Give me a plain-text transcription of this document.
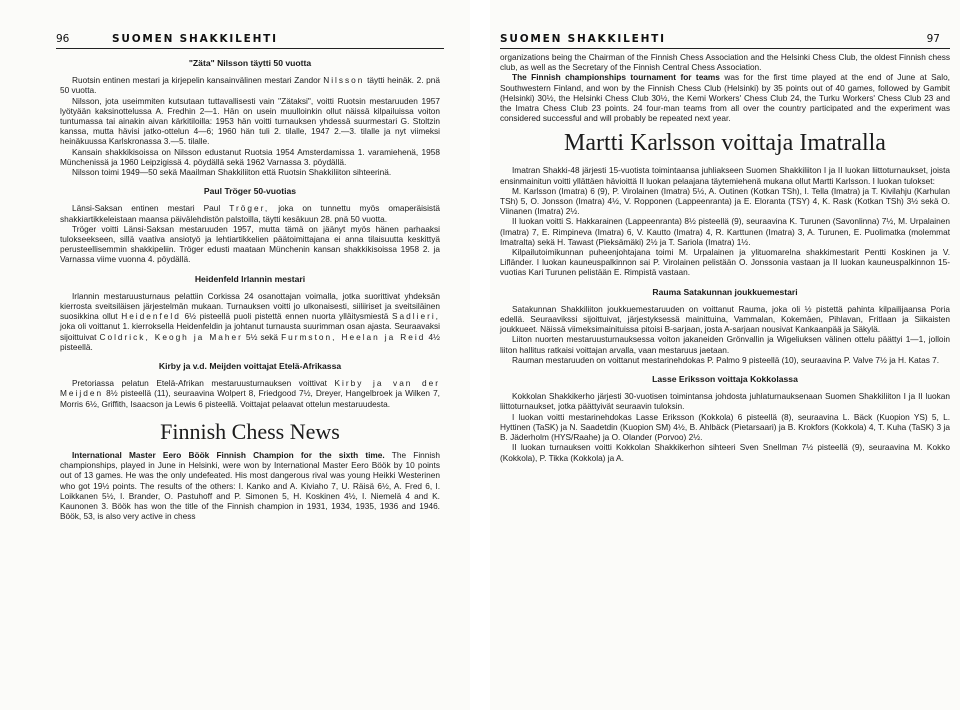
96	SUOMEN SHAKKILEHTI
"Zäta" Nilsson täytti 50 vuotta

Ruotsin entinen mestari ja kirjepelin kansainvälinen mestari Zandor Nilsson täytti heinäk. 2. pnä 50 vuotta.

Nilsson, jota useimmiten kutsutaan tuttavallisesti vain "Zätaksi", voitti Ruotsin mestaruuden 1957 lyötyään kaksinottelussa A. Fredhin 2—1. Hän on usein muulloinkin ollut näissä kilpailuissa voiton tuntumassa tai ainakin aivan kärkitiloilla: 1953 hän voitti turnauksen yhdessä suurmestari G. Stoltzin kanssa, mutta hävisi jatko-ottelun 4—6; 1960 hän tuli 2. tilalle, 1947 2.—3. tilalle ja nyt viimeksi heinäkuussa Karlskronassa 3.—5. tilalle.

Kansain shakkikisoissa on Nilsson edustanut Ruotsia 1954 Amsterdamissa 1. varamiehenä, 1958 Münchenissä ja 1960 Leipzigissä 4. pöydällä sekä 1962 Varnassa 3. pöydällä.

Nilsson toimi 1949—50 sekä Maailman Shakkiliiton että Ruotsin Shakkiliiton sihteerinä.

Paul Tröger 50-vuotias

Länsi-Saksan entinen mestari Paul Tröger, joka on tunnettu myös omaperäisistä shakkiartikkeleistaan maansa päivälehdistön palstoilla, täytti kesäkuun 28. pnä 50 vuotta.

Tröger voitti Länsi-Saksan mestaruuden 1957, mutta tämä on jäänyt myös hänen parhaaksi tulokseekseen, sillä vaativa ansiotyö ja lehtiartikkelien päätoimittajana ei anna tilaisuutta keskittyä perusteellisemmin shakkipeliin. Tröger edusti maataan Münchenin kansan shakkikisoissa 1958 2. ja Varnassa viime vuonna 4. pöydällä.

Heidenfeld Irlannin mestari

Irlannin mestaruusturnaus pelattiin Corkissa 24 osanottajan voimalla, jotka suorittivat yhdeksän kierrosta sveitsiläisen järjestelmän mukaan. Turnauksen voitti jo ulkonaisesti, siiliiriset ja sveitsiläinen suosikkina ollut Heidenfeld 6½ pisteellä puoli pistettä ennen nuorta ylläitysmiestä Sadlieri, joka oli voittanut 1. kierroksella Heidenfeldin ja johtanut turnausta suurimman osan ajasta. Seuraavaksi sijoittuivat Coldrick, Keogh ja Maher 5½ sekä Furmston, Heelan ja Reid 4½ pisteellä.

Kirby ja v.d. Meijden voittajat Etelä-Afrikassa

Pretoriassa pelatun Etelä-Afrikan mestaruusturnauksen voittivat Kirby ja van der Meijden 8½ pisteellä (11), seuraavina Wolpert 8, Friedgood 7½, Dreyer, Hangelbroek ja Wilken 7, Morris 6½, Griffith, Isaacson ja Lewis 6 pisteellä. Voittajat pelaavat ottelun mestaruudesta.

Finnish Chess News

International Master Eero Böök Finnish Champion for the sixth time. The Finnish championships, played in June in Helsinki, were won by International Master Eero Böök by 10 points out of 13 games. He was the only undefeated. His most dangerous rival was young Heikki Westerinen who got 19½ points. The results of the others: I. Kanko and A. Kiviaho 7, U. Räisä 6½, A. Fred 6, I. Loikkanen 5½, I. Brander, O. Pastuhoff and P. Simonen 5, H. Koskinen 4½, I. Niemelä 4 and K. Kaunonen 3. Böök has won the title of the Finnish champion in 1931, 1934, 1935, 1936 and 1946. Böök, 53, is also very active in chess

SUOMEN SHAKKILEHTI	97

organizations being the Chairman of the Finnish Chess Association and the Helsinki Chess Club, the oldest Finnish chess club, as well as the Secretary of the Finnish Central Chess Association.

The Finnish championships tournament for teams was for the first time played at the end of June at Salo, Southwestern Finland, and won by the Finnish Chess Club (Helsinki) by 35 points out of 40 games, followed by Gambit (Helsinki) 30½, the Helsinki Chess Club 30½, the Kemi Workers' Chess Club 24, the Turku Workers' Chess Club 23 and the Imatra Chess Club 23 points. 24 four-man teams from all over the country participated and the experiment was considered successful and will probably be repeated next year.

Martti Karlsson voittaja Imatralla

Imatran Shakki-48 järjesti 15-vuotista toimintaansa juhliakseen Suomen Shakkiliiton I ja II luokan liittoturnaukset, joista ensinmainitun voitti yllättäen hävioittä II luokan pelaajana täytemiehenä mukana ollut Martti Karlsson. I luokan tulokset:

M. Karlsson (Imatra) 6 (9), P. Virolainen (Imatra) 5½, A. Outinen (Kotkan TSh), I. Tella (Imatra) ja T. Kivilahju (Karhulan TSh) 5, O. Jonsson (Imatra) 4½, V. Ropponen (Lappeenranta) ja E. Eloranta (TSY) 4, K. Rask (Kotkan TSh) 3½ sekä O. Viinanen (Imatra) 2½.

II luokan voitti S. Hakkarainen (Lappeenranta) 8½ pisteellä (9), seuraavina K. Turunen (Savonlinna) 7½, M. Urpalainen (Imatra) 7, E. Rimpineva (Imatra) 6, V. Kautto (Imatra) 4, R. Karttunen (Imatra) 3, A. Turunen, E. Puolimatka (molemmat Imatralta) sekä H. Tawast (Pieksämäki) 2½ ja T. Sariola (Imatra) 1½.

Kilpailutoimikunnan puheenjohtajana toimi M. Urpalainen ja ylituomarelna shakkimestarit Pentti Koskinen ja V. Lifländer. I luokan kauneuspalkinnon sai P. Virolainen pelistään O. Jonssonia vastaan ja II luokan kauneuspalkinnon 15-vuotias Kari Turunen pelistään E. Rimpistä vastaan.

Rauma Satakunnan joukkuemestari

Satakunnan Shakkiliiton joukkuemestaruuden on voittanut Rauma, joka oli ½ pistettä pahinta kilpailijaansa Poria edellä. Seuraavikssi sijoittuivat, järjestyksessä mainittuina, Vammalan, Kokemäen, Pihlavan, Fritlaan ja Siikaisten joukkueet. Näissä viimeksimainituissa pitoisi B-sarjaan, josta A-sarjaan nousivat Kankaanpää ja Säkylä.

Liiton nuorten mestaruusturnauksessa voiton jakaneiden Grönvallin ja Wigeliuksen välinen ottelu päättyi 1—1, jolloin liiton hallitus ratkaisi voittajan arvalla, vaan mestaruus jaetaan.

Rauman mestaruuden on voittanut mestarinehdokas P. Palmo 9 pisteellä (10), seuraavina P. Valve 7½ ja H. Katas 7.

Lasse Eriksson voittaja Kokkolassa

Kokkolan Shakkikerho järjesti 30-vuotisen toimintansa johdosta juhlaturnauksenaan Suomen Shakkiliiton I ja II luokan liittoturnaukset, jotka päättyivät seuraavin tuloksin.

I luokan voitti mestarinehdokas Lasse Eriksson (Kokkola) 6 pisteellä (8), seuraavina L. Bäck (Kuopion YS) 5, L. Hyttinen (TaSK) ja N. Saadetdin (Kuopion SM) 4½, B. Ahlbäck (Pietarsaari) ja B. Krokfors (Kokkola) 4, T. Kuha (TaSK) 3 ja B. Jäderholm (HYS/Raahe) ja O. Olander (Porvoo) 2½.

II luokan turnauksen voitti Kokkolan Shakkikerhon sihteeri Sven Snellman 7½ pisteellä (9), seuraavina M. Kokko (Kokkola), P. Tikka (Kokkola) ja A.
